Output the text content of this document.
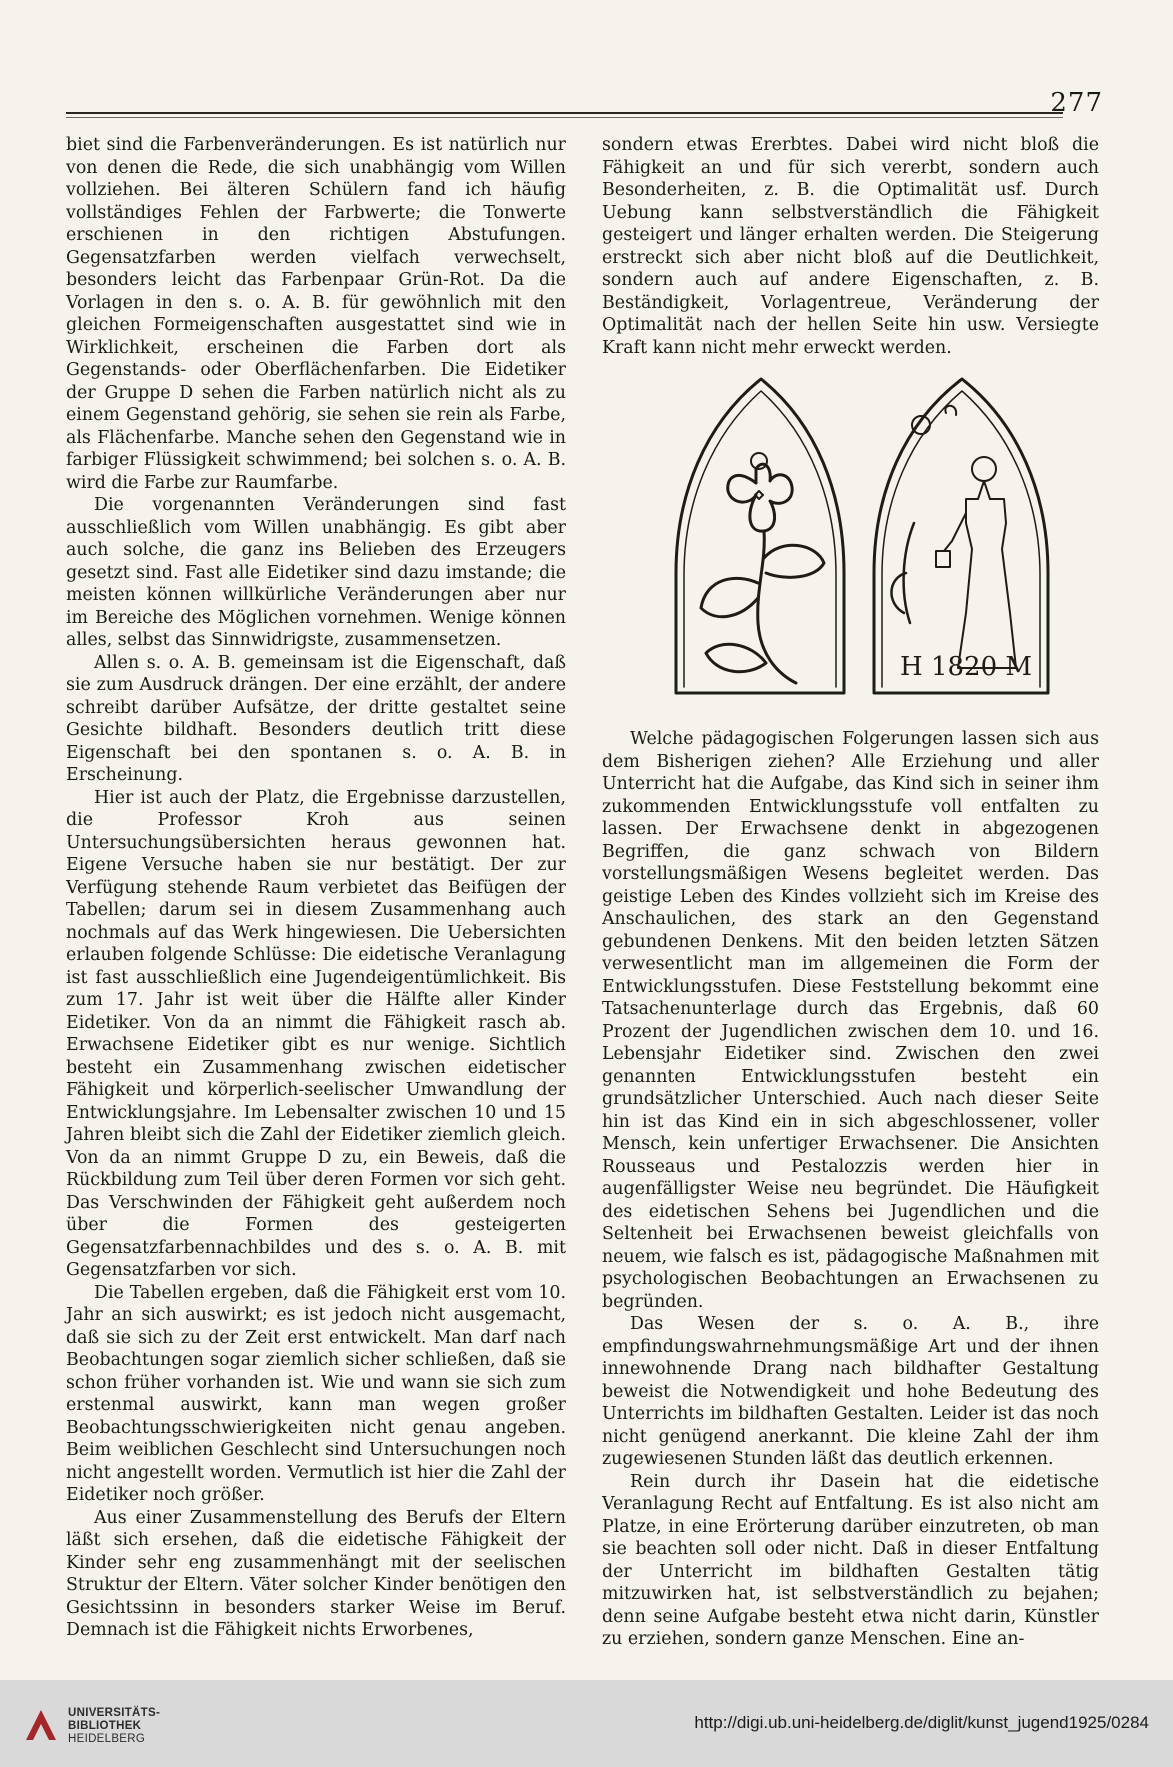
277

biet sind die Farbenveränderungen. Es ist natürlich nur von denen die Rede, die sich unabhängig vom Willen vollziehen. Bei älteren Schülern fand ich häufig vollständiges Fehlen der Farbwerte; die Tonwerte erschienen in den richtigen Abstufungen. Gegensatzfarben werden vielfach verwechselt, besonders leicht das Farbenpaar Grün-Rot. Da die Vorlagen in den s. o. A. B. für gewöhnlich mit den gleichen Formeigenschaften ausgestattet sind wie in Wirklichkeit, erscheinen die Farben dort als Gegenstands- oder Oberflächenfarben. Die Eidetiker der Gruppe D sehen die Farben natürlich nicht als zu einem Gegenstand gehörig, sie sehen sie rein als Farbe, als Flächenfarbe. Manche sehen den Gegenstand wie in farbiger Flüssigkeit schwimmend; bei solchen s. o. A. B. wird die Farbe zur Raumfarbe.

Die vorgenannten Veränderungen sind fast ausschließlich vom Willen unabhängig. Es gibt aber auch solche, die ganz ins Belieben des Erzeugers gesetzt sind. Fast alle Eidetiker sind dazu imstande; die meisten können willkürliche Veränderungen aber nur im Bereiche des Möglichen vornehmen. Wenige können alles, selbst das Sinnwidrigste, zusammensetzen.

Allen s. o. A. B. gemeinsam ist die Eigenschaft, daß sie zum Ausdruck drängen. Der eine erzählt, der andere schreibt darüber Aufsätze, der dritte gestaltet seine Gesichte bildhaft. Besonders deutlich tritt diese Eigenschaft bei den spontanen s. o. A. B. in Erscheinung.

Hier ist auch der Platz, die Ergebnisse darzustellen, die Professor Kroh aus seinen Untersuchungsübersichten heraus gewonnen hat. Eigene Versuche haben sie nur bestätigt. Der zur Verfügung stehende Raum verbietet das Beifügen der Tabellen; darum sei in diesem Zusammenhang auch nochmals auf das Werk hingewiesen. Die Uebersichten erlauben folgende Schlüsse: Die eidetische Veranlagung ist fast ausschließlich eine Jugendeigentümlichkeit. Bis zum 17. Jahr ist weit über die Hälfte aller Kinder Eidetiker. Von da an nimmt die Fähigkeit rasch ab. Erwachsene Eidetiker gibt es nur wenige. Sichtlich besteht ein Zusammenhang zwischen eidetischer Fähigkeit und körperlich-seelischer Umwandlung der Entwicklungsjahre. Im Lebensalter zwischen 10 und 15 Jahren bleibt sich die Zahl der Eidetiker ziemlich gleich. Von da an nimmt Gruppe D zu, ein Beweis, daß die Rückbildung zum Teil über deren Formen vor sich geht. Das Verschwinden der Fähigkeit geht außerdem noch über die Formen des gesteigerten Gegensatzfarbennachbildes und des s. o. A. B. mit Gegensatzfarben vor sich.

Die Tabellen ergeben, daß die Fähigkeit erst vom 10. Jahr an sich auswirkt; es ist jedoch nicht ausgemacht, daß sie sich zu der Zeit erst entwickelt. Man darf nach Beobachtungen sogar ziemlich sicher schließen, daß sie schon früher vorhanden ist. Wie und wann sie sich zum erstenmal auswirkt, kann man wegen großer Beobachtungsschwierigkeiten nicht genau angeben. Beim weiblichen Geschlecht sind Untersuchungen noch nicht angestellt worden. Vermutlich ist hier die Zahl der Eidetiker noch größer.

Aus einer Zusammenstellung des Berufs der Eltern läßt sich ersehen, daß die eidetische Fähigkeit der Kinder sehr eng zusammenhängt mit der seelischen Struktur der Eltern. Väter solcher Kinder benötigen den Gesichtssinn in besonders starker Weise im Beruf. Demnach ist die Fähigkeit nichts Erworbenes,

sondern etwas Ererbtes. Dabei wird nicht bloß die Fähigkeit an und für sich vererbt, sondern auch Besonderheiten, z. B. die Optimalität usf. Durch Uebung kann selbstverständlich die Fähigkeit gesteigert und länger erhalten werden. Die Steigerung erstreckt sich aber nicht bloß auf die Deutlichkeit, sondern auch auf andere Eigenschaften, z. B. Beständigkeit, Vorlagentreue, Veränderung der Optimalität nach der hellen Seite hin usw. Versiegte Kraft kann nicht mehr erweckt werden.

H 1820 M

Welche pädagogischen Folgerungen lassen sich aus dem Bisherigen ziehen? Alle Erziehung und aller Unterricht hat die Aufgabe, das Kind sich in seiner ihm zukommenden Entwicklungsstufe voll entfalten zu lassen. Der Erwachsene denkt in abgezogenen Begriffen, die ganz schwach von Bildern vorstellungsmäßigen Wesens begleitet werden. Das geistige Leben des Kindes vollzieht sich im Kreise des Anschaulichen, des stark an den Gegenstand gebundenen Denkens. Mit den beiden letzten Sätzen verwesentlicht man im allgemeinen die Form der Entwicklungsstufen. Diese Feststellung bekommt eine Tatsachenunterlage durch das Ergebnis, daß 60 Prozent der Jugendlichen zwischen dem 10. und 16. Lebensjahr Eidetiker sind. Zwischen den zwei genannten Entwicklungsstufen besteht ein grundsätzlicher Unterschied. Auch nach dieser Seite hin ist das Kind ein in sich abgeschlossener, voller Mensch, kein unfertiger Erwachsener. Die Ansichten Rousseaus und Pestalozzis werden hier in augenfälligster Weise neu begründet. Die Häufigkeit des eidetischen Sehens bei Jugendlichen und die Seltenheit bei Erwachsenen beweist gleichfalls von neuem, wie falsch es ist, pädagogische Maßnahmen mit psychologischen Beobachtungen an Erwachsenen zu begründen.

Das Wesen der s. o. A. B., ihre empfindungswahrnehmungsmäßige Art und der ihnen innewohnende Drang nach bildhafter Gestaltung beweist die Notwendigkeit und hohe Bedeutung des Unterrichts im bildhaften Gestalten. Leider ist das noch nicht genügend anerkannt. Die kleine Zahl der ihm zugewiesenen Stunden läßt das deutlich erkennen.

Rein durch ihr Dasein hat die eidetische Veranlagung Recht auf Entfaltung. Es ist also nicht am Platze, in eine Erörterung darüber einzutreten, ob man sie beachten soll oder nicht. Daß in dieser Entfaltung der Unterricht im bildhaften Gestalten tätig mitzuwirken hat, ist selbstverständlich zu bejahen; denn seine Aufgabe besteht etwa nicht darin, Künstler zu erziehen, sondern ganze Menschen. Eine an-

UNIVERSITÄTS-
BIBLIOTHEK
HEIDELBERG
http://digi.ub.uni-heidelberg.de/diglit/kunst_jugend1925/0284
